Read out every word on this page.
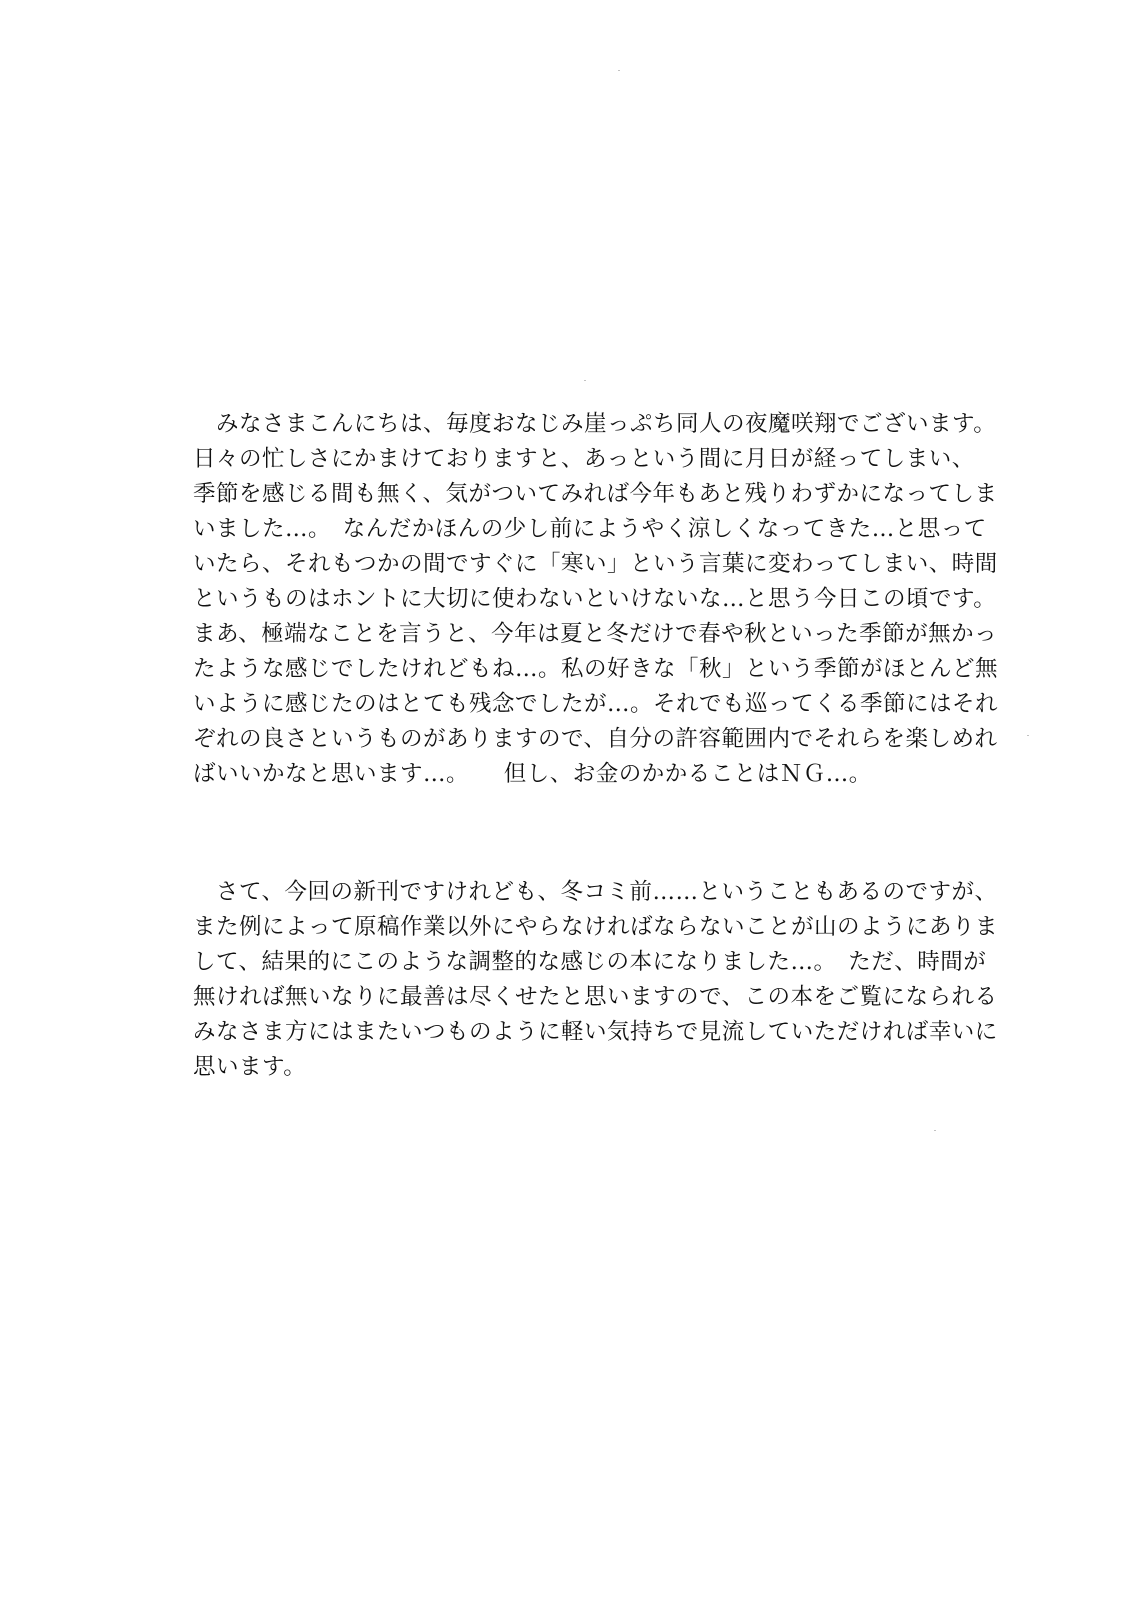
　みなさまこんにちは、毎度おなじみ崖っぷち同人の夜魔咲翔でございます。
日々の忙しさにかまけておりますと、あっという間に月日が経ってしまい、
季節を感じる間も無く、気がついてみれば今年もあと残りわずかになってしま
いました…。　なんだかほんの少し前にようやく涼しくなってきた…と思って
いたら、それもつかの間ですぐに「寒い」という言葉に変わってしまい、時間
というものはホントに大切に使わないといけないな…と思う今日この頃です。
まあ、極端なことを言うと、今年は夏と冬だけで春や秋といった季節が無かっ
たような感じでしたけれどもね…。私の好きな「秋」という季節がほとんど無
いように感じたのはとても残念でしたが…。それでも巡ってくる季節にはそれ
ぞれの良さというものがありますので、自分の許容範囲内でそれらを楽しめれ
ばいいかなと思います…。　　但し、お金のかかることはＮＧ…。
　さて、今回の新刊ですけれども、冬コミ前……ということもあるのですが、
また例によって原稿作業以外にやらなければならないことが山のようにありま
して、結果的にこのような調整的な感じの本になりました…。　ただ、時間が
無ければ無いなりに最善は尽くせたと思いますので、この本をご覧になられる
みなさま方にはまたいつものように軽い気持ちで見流していただければ幸いに
思います。
